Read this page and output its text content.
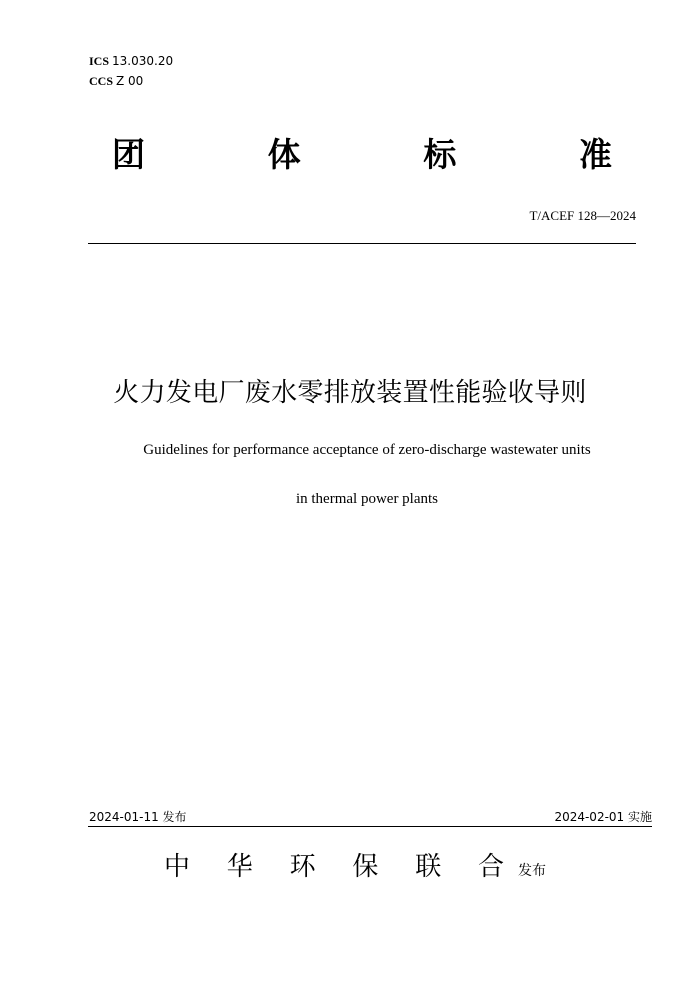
ICS 13.030.20
CCS Z 00
团	体	标	准
T/ACEF 128—2024
火力发电厂废水零排放装置性能验收导则
Guidelines for performance acceptance of zero-discharge wastewater units
in thermal power plants
2024-01-11 发布	2024-02-01 实施
中 华 环 保 联 合 发布
